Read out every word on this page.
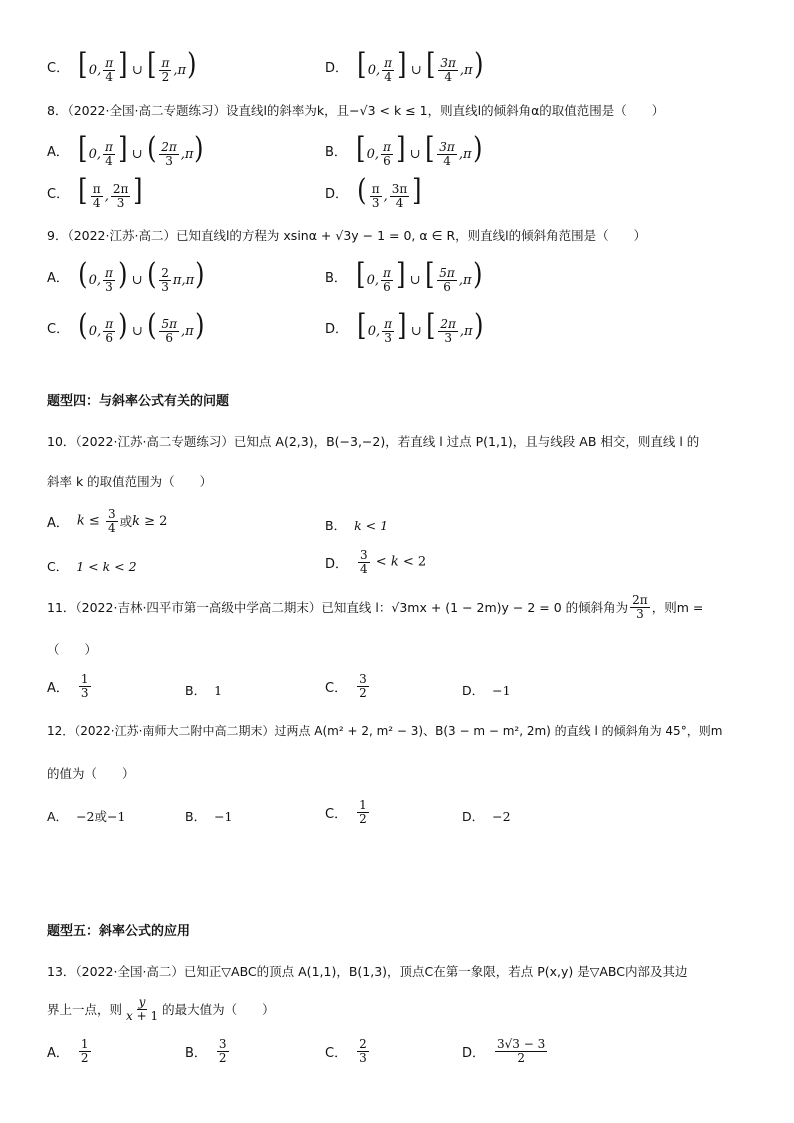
C． [0, $\frac{\pi}{4}$ ] ∪ [ $\frac{\pi}{2} ,\pi$)	D． [0, $\frac{\pi}{4}$ ] ∪ [ $\frac{3\pi}{4} ,\pi$)
8．（2022·全国·高二专题练习）设直线l的斜率为k，且−√3 < k ≤ 1，则直线l的倾斜角α的取值范围是（　　）
A． [0, $\frac{\pi}{4}$ ] ∪ ( $\frac{2\pi}{3} ,\pi$)	B． [0, $\frac{\pi}{6}$ ] ∪ [ $\frac{3\pi}{4} ,\pi$)
C． [ $\frac{\pi}{4}$ , $\frac{2\pi}{3}$ ]	D． ( $\frac{\pi}{3}$ , $\frac{3\pi}{4}$ ]
9．（2022·江苏·高二）已知直线l的方程为 xsinα + √3y − 1 = 0, α ∈ R，则直线l的倾斜角范围是（　　）
A． (0, $\frac{\pi}{3}$ ) ∪ ( $\frac{2}{3} \pi,\pi$)	B． [0, $\frac{\pi}{6}$ ] ∪ [ $\frac{5\pi}{6} ,\pi$)
C． (0, $\frac{\pi}{6}$ ) ∪ ( $\frac{5\pi}{6} ,\pi$)	D． [0, $\frac{\pi}{3}$ ] ∪ [ $\frac{2\pi}{3} ,\pi$)
题型四：与斜率公式有关的问题
10．（2022·江苏·高二专题练习）已知点 A(2,3)，B(−3,−2)，若直线 l 过点 P(1,1)，且与线段 AB 相交，则直线 l 的
斜率 k 的取值范围为（　　）
A． $k \le \frac{3}{4}$ 或 k ≥ 2	B． k < 1
C． 1 < k < 2	D． $\frac{3}{4} < k < 2$
11．（2022·吉林·四平市第一高级中学高二期末）已知直线 l：√3mx + (1 − 2m)y − 2 = 0 的倾斜角为 $\frac{2\pi}{3}$ ，则m =
（　　）
A． $\frac{1}{3}$	B． 1	C． $\frac{3}{2}$	D． −1
12．（2022·江苏·南师大二附中高二期末）过两点 A(m² + 2, m² − 3)、B(3 − m − m², 2m) 的直线 l 的倾斜角为 45°，则m
的值为（　　）
A． −2或−1	B． −1	C． $\frac{1}{2}$	D． −2
题型五：斜率公式的应用
13．（2022·全国·高二）已知正▽ABC的顶点 A(1,1)，B(1,3)，顶点C在第一象限，若点 P(x,y) 是▽ABC内部及其边
界上一点，则 $\frac{y}{x + 1}$ 的最大值为（　　）
A． $\frac{1}{2}$	B． $\frac{3}{2}$	C． $\frac{2}{3}$	D． $\frac{3√3 - 3}{2}$
